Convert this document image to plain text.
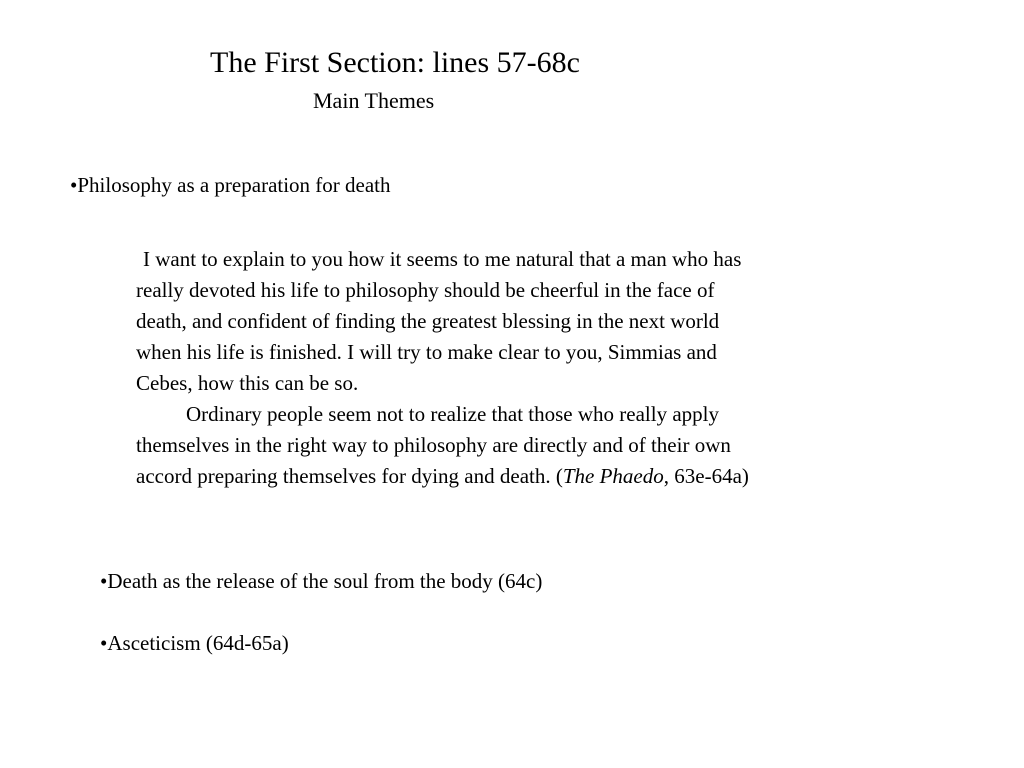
The First Section: lines 57-68c
Main Themes
•Philosophy as a preparation for death
I want to explain to you how it seems to me natural that a man who has
really devoted his life to philosophy should be cheerful in the face of
death, and confident of finding the greatest blessing in the next world
when his life is finished. I will try to make clear to you, Simmias and
Cebes, how this can be so.
Ordinary people seem not to realize that those who really apply
themselves in the right way to philosophy are directly and of their own
accord preparing themselves for dying and death. (The Phaedo, 63e-64a)
•Death as the release of the soul from the body (64c)
•Asceticism (64d-65a)
